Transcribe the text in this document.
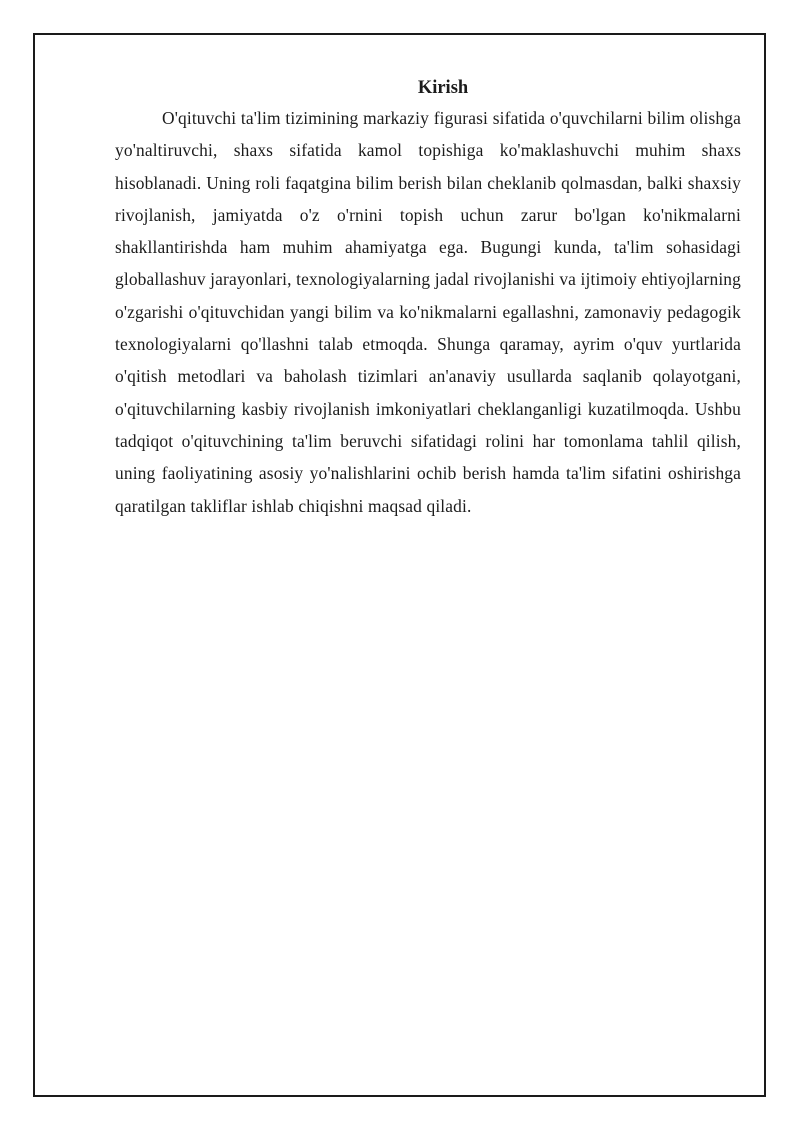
Kirish

O'qituvchi ta'lim tizimining markaziy figurasi sifatida o'quvchilarni bilim olishga yo'naltiruvchi, shaxs sifatida kamol topishiga ko'maklashuvchi muhim shaxs hisoblanadi. Uning roli faqatgina bilim berish bilan cheklanib qolmasdan, balki shaxsiy rivojlanish, jamiyatda o'z o'rnini topish uchun zarur bo'lgan ko'nikmalarni shakllantirishda ham muhim ahamiyatga ega. Bugungi kunda, ta'lim sohasidagi globallashuv jarayonlari, texnologiyalarning jadal rivojlanishi va ijtimoiy ehtiyojlarning o'zgarishi o'qituvchidan yangi bilim va ko'nikmalarni egallashni, zamonaviy pedagogik texnologiyalarni qo'llashni talab etmoqda. Shunga qaramay, ayrim o'quv yurtlarida o'qitish metodlari va baholash tizimlari an'anaviy usullarda saqlanib qolayotgani, o'qituvchilarning kasbiy rivojlanish imkoniyatlari cheklanganligi kuzatilmoqda. Ushbu tadqiqot o'qituvchining ta'lim beruvchi sifatidagi rolini har tomonlama tahlil qilish, uning faoliyatining asosiy yo'nalishlarini ochib berish hamda ta'lim sifatini oshirishga qaratilgan takliflar ishlab chiqishni maqsad qiladi.
